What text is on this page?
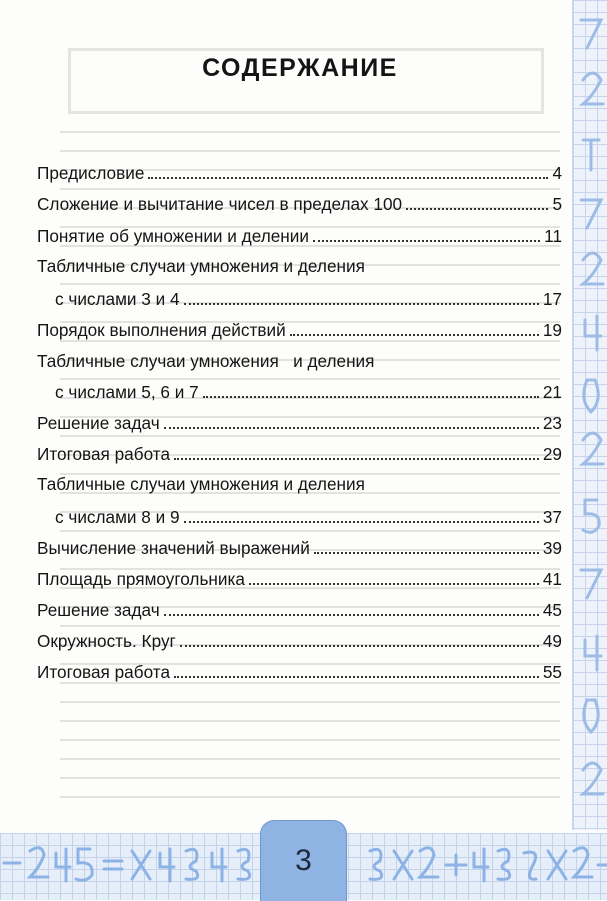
3
СОДЕРЖАНИЕ
Предисловие	4
Сложение и вычитание чисел в пределах 100	5
Понятие об умножении и делении	11
Табличные случаи умножения и деления
с числами 3 и 4	17
Порядок выполнения действий	19
Табличные случаи умножения   и деления
с числами 5, 6 и 7	21
Решение задач	23
Итоговая работа	29
Табличные случаи умножения и деления
с числами 8 и 9	37
Вычисление значений выражений	39
Площадь прямоугольника	41
Решение задач	45
Окружность. Круг	49
Итоговая работа	55
